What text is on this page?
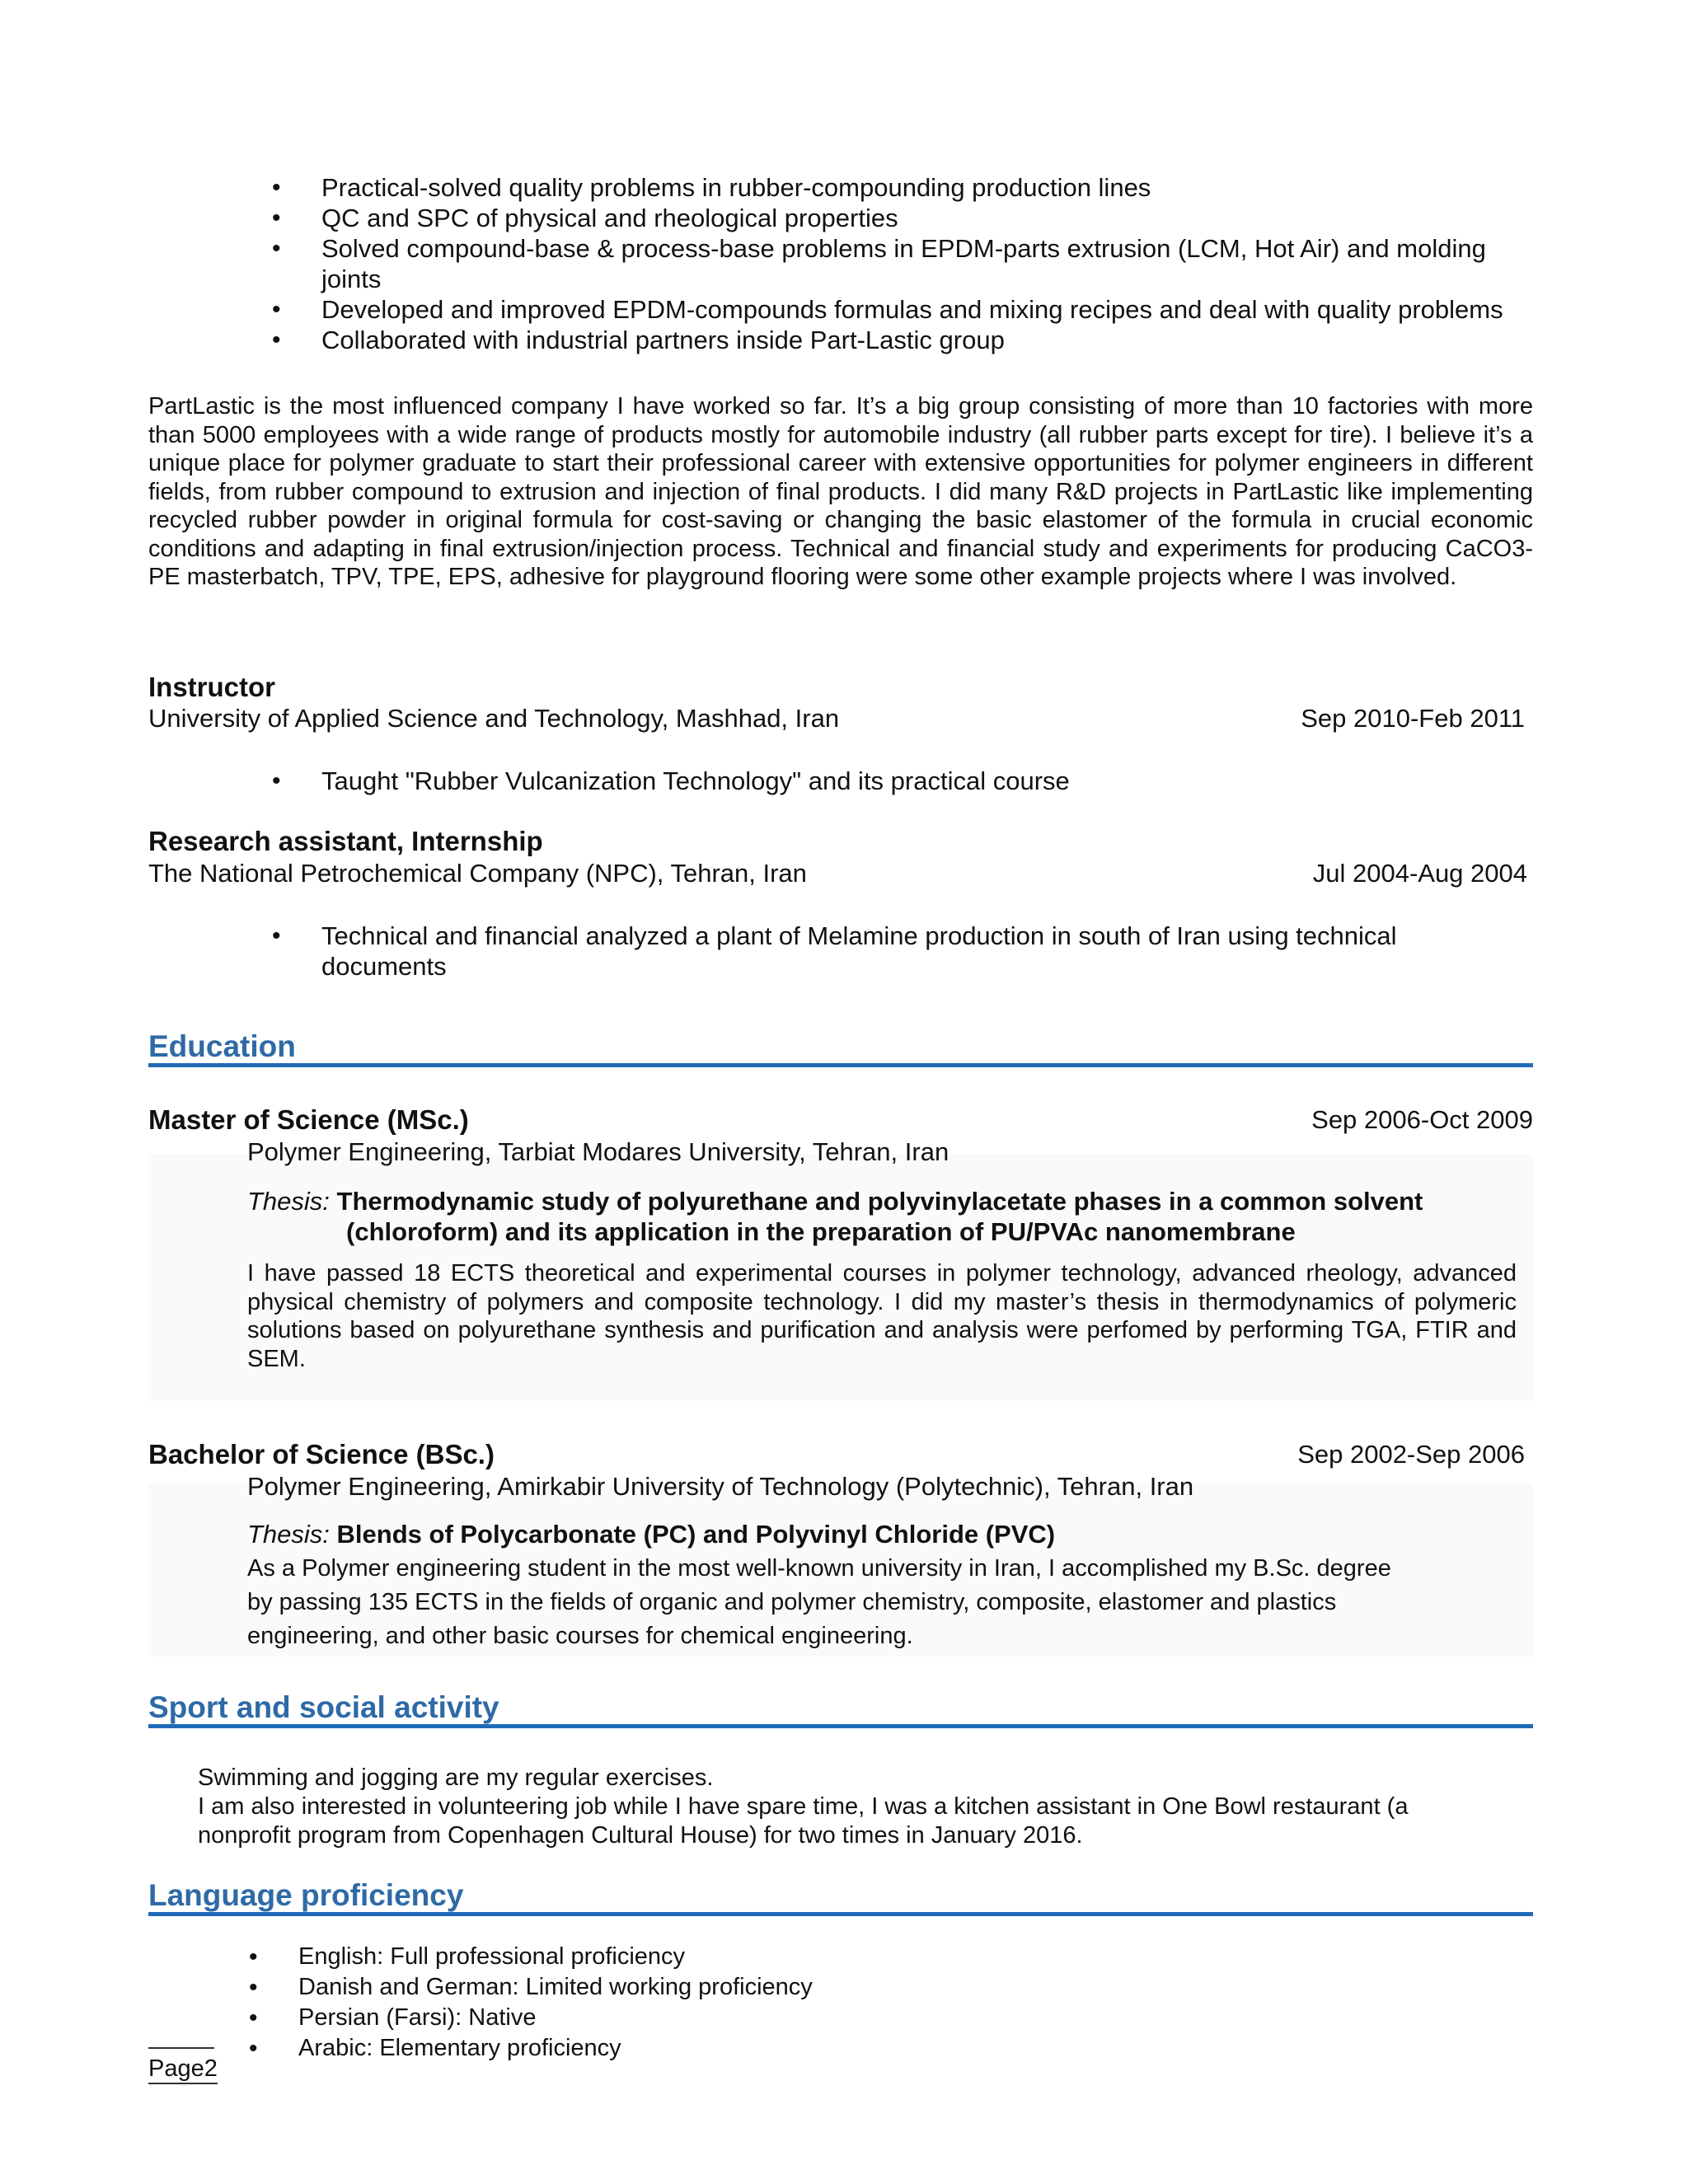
• Practical-solved quality problems in rubber-compounding production lines
• QC and SPC of physical and rheological properties
• Solved compound-base & process-base problems in EPDM-parts extrusion (LCM, Hot Air) and molding joints
• Developed and improved EPDM-compounds formulas and mixing recipes and deal with quality problems
• Collaborated with industrial partners inside Part-Lastic group
PartLastic is the most influenced company I have worked so far. It’s a big group consisting of more than 10 factories with more than 5000 employees with a wide range of products mostly for automobile industry (all rubber parts except for tire). I believe it’s a unique place for polymer graduate to start their professional career with extensive opportunities for polymer engineers in different fields, from rubber compound to extrusion and injection of final products. I did many R&D projects in PartLastic like implementing recycled rubber powder in original formula for cost-saving or changing the basic elastomer of the formula in crucial economic conditions and adapting in final extrusion/injection process. Technical and financial study and experiments for producing CaCO3-PE masterbatch, TPV, TPE, EPS, adhesive for playground flooring were some other example projects where I was involved.
Instructor
University of Applied Science and Technology, Mashhad, Iran	Sep 2010-Feb 2011
• Taught "Rubber Vulcanization Technology" and its practical course
Research assistant, Internship
The National Petrochemical Company (NPC), Tehran, Iran	Jul 2004-Aug 2004
• Technical and financial analyzed a plant of Melamine production in south of Iran using technical documents
Education
Master of Science (MSc.)	Sep 2006-Oct 2009
Polymer Engineering, Tarbiat Modares University, Tehran, Iran
Thesis: Thermodynamic study of polyurethane and polyvinylacetate phases in a common solvent
(chloroform) and its application in the preparation of PU/PVAc nanomembrane
I have passed 18 ECTS theoretical and experimental courses in polymer technology, advanced rheology, advanced physical chemistry of polymers and composite technology. I did my master’s thesis in thermodynamics of polymeric solutions based on polyurethane synthesis and purification and analysis were perfomed by performing TGA, FTIR and SEM.
Bachelor of Science (BSc.)	Sep 2002-Sep 2006
Polymer Engineering, Amirkabir University of Technology (Polytechnic), Tehran, Iran
Thesis: Blends of Polycarbonate (PC) and Polyvinyl Chloride (PVC)
As a Polymer engineering student in the most well-known university in Iran, I accomplished my B.Sc. degree by passing 135 ECTS in the fields of organic and polymer chemistry, composite, elastomer and plastics engineering, and other basic courses for chemical engineering.
Sport and social activity
Swimming and jogging are my regular exercises.
I am also interested in volunteering job while I have spare time, I was a kitchen assistant in One Bowl restaurant (a nonprofit program from Copenhagen Cultural House) for two times in January 2016.
Language proficiency
• English: Full professional proficiency
• Danish and German: Limited working proficiency
• Persian (Farsi): Native
• Arabic: Elementary proficiency
Page2
